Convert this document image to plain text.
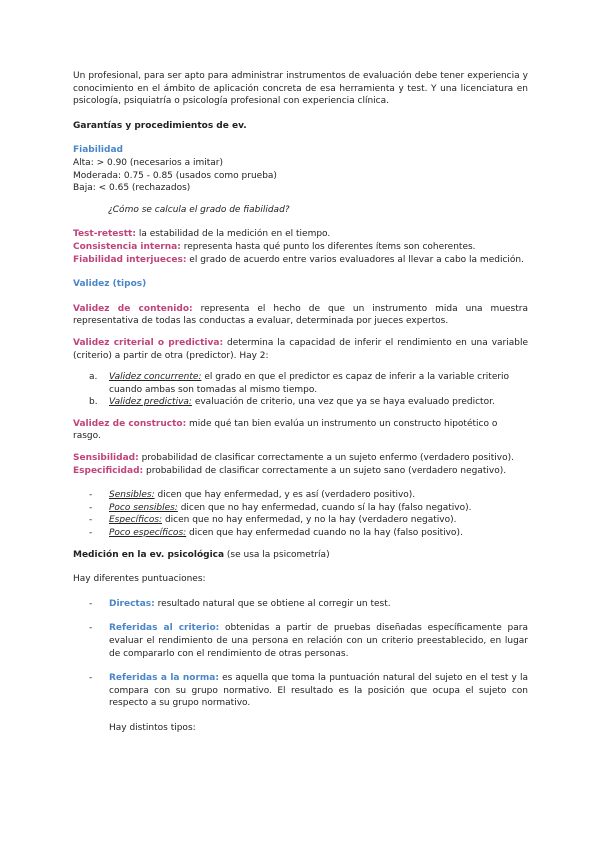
Un profesional, para ser apto para administrar instrumentos de evaluación debe tener experiencia y conocimiento en el ámbito de aplicación concreta de esa herramienta y test. Y una licenciatura en psicología, psiquiatría o psicología profesional con experiencia clínica.

Garantías y procedimientos de ev.

Fiabilidad

Alta: > 0.90 (necesarios a imitar)

Moderada: 0.75 - 0.85 (usados como prueba)

Baja: < 0.65 (rechazados)

¿Cómo se calcula el grado de fiabilidad?

Test-retestt: la estabilidad de la medición en el tiempo.

Consistencia interna: representa hasta qué punto los diferentes ítems son coherentes.

Fiabilidad interjueces: el grado de acuerdo entre varios evaluadores al llevar a cabo la medición.

Validez (tipos)

Validez de contenido: representa el hecho de que un instrumento mida una muestra representativa de todas las conductas a evaluar, determinada por jueces expertos.

Validez criterial o predictiva: determina la capacidad de inferir el rendimiento en una variable (criterio) a partir de otra (predictor). Hay 2:

a. Validez concurrente: el grado en que el predictor es capaz de inferir a la variable criterio cuando ambas son tomadas al mismo tiempo.

b. Validez predictiva: evaluación de criterio, una vez que ya se haya evaluado predictor.

Validez de constructo: mide qué tan bien evalúa un instrumento un constructo hipotético o rasgo.

Sensibilidad: probabilidad de clasificar correctamente a un sujeto enfermo (verdadero positivo).

Especificidad: probabilidad de clasificar correctamente a un sujeto sano (verdadero negativo).

- Sensibles: dicen que hay enfermedad, y es así (verdadero positivo).

- Poco sensibles: dicen que no hay enfermedad, cuando sí la hay (falso negativo).

- Específicos: dicen que no hay enfermedad, y no la hay (verdadero negativo).

- Poco específicos: dicen que hay enfermedad cuando no la hay (falso positivo).

Medición en la ev. psicológica (se usa la psicometría)

Hay diferentes puntuaciones:

- Directas: resultado natural que se obtiene al corregir un test.

- Referidas al criterio: obtenidas a partir de pruebas diseñadas específicamente para evaluar el rendimiento de una persona en relación con un criterio preestablecido, en lugar de compararlo con el rendimiento de otras personas.

- Referidas a la norma: es aquella que toma la puntuación natural del sujeto en el test y la compara con su grupo normativo. El resultado es la posición que ocupa el sujeto con respecto a su grupo normativo.

Hay distintos tipos:
